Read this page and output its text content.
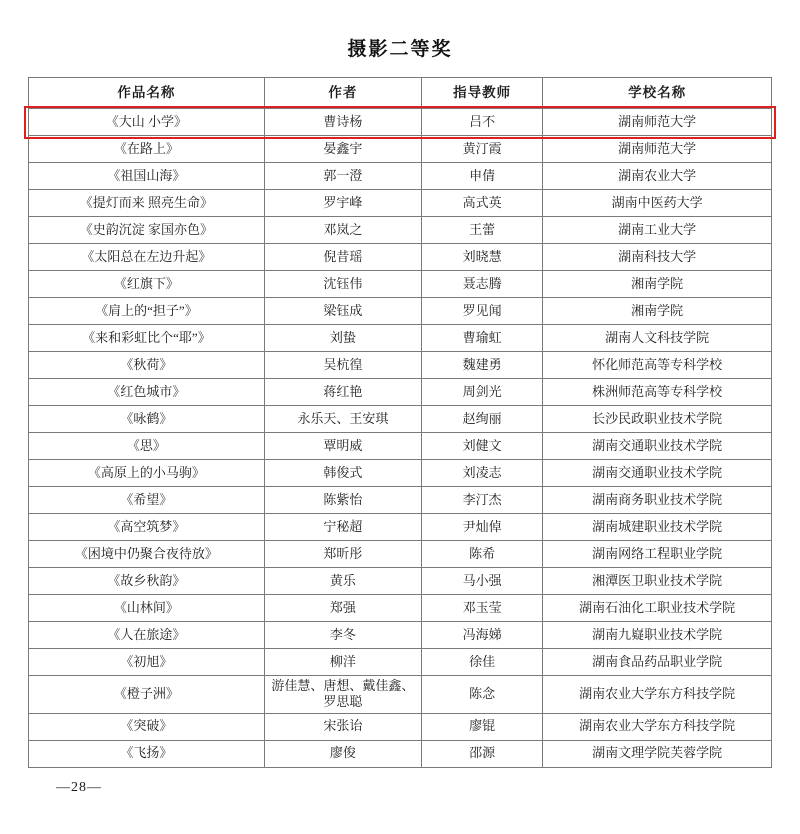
摄影二等奖
作品名称	作者	指导教师	学校名称
《大山 小学》	曹诗杨	吕不	湖南师范大学
《在路上》	晏鑫宇	黄汀霞	湖南师范大学
《祖国山海》	郭一澄	申倩	湖南农业大学
《提灯而来 照亮生命》	罗宇峰	高式英	湖南中医药大学
《史韵沉淀 家国亦色》	邓岚之	王蕾	湖南工业大学
《太阳总在左边升起》	倪昔瑶	刘晓慧	湖南科技大学
《红旗下》	沈钰伟	聂志腾	湘南学院
《肩上的“担子”》	梁钰成	罗见闻	湘南学院
《来和彩虹比个“耶”》	刘蛰	曹瑜虹	湖南人文科技学院
《秋荷》	吴杭徨	魏建勇	怀化师范高等专科学校
《红色城市》	蒋红艳	周剑光	株洲师范高等专科学校
《咏鹤》	永乐天、王安琪	赵绚丽	长沙民政职业技术学院
《思》	覃明威	刘健文	湖南交通职业技术学院
《高原上的小马驹》	韩俊式	刘凌志	湖南交通职业技术学院
《希望》	陈紫怡	李汀杰	湖南商务职业技术学院
《高空筑梦》	宁秘超	尹灿倬	湖南城建职业技术学院
《困境中仍聚合夜待放》	郑昕彤	陈希	湖南网络工程职业学院
《故乡秋韵》	黄乐	马小强	湘潭医卫职业技术学院
《山林间》	郑强	邓玉莹	湖南石油化工职业技术学院
《人在旅途》	李冬	冯海娣	湖南九嶷职业技术学院
《初旭》	柳洋	徐佳	湖南食品药品职业学院
《橙子洲》	游佳慧、唐想、戴佳鑫、罗思聪	陈念	湖南农业大学东方科技学院
《突破》	宋张诒	廖锟	湖南农业大学东方科技学院
《飞扬》	廖俊	邵源	湖南文理学院芙蓉学院
—28—
